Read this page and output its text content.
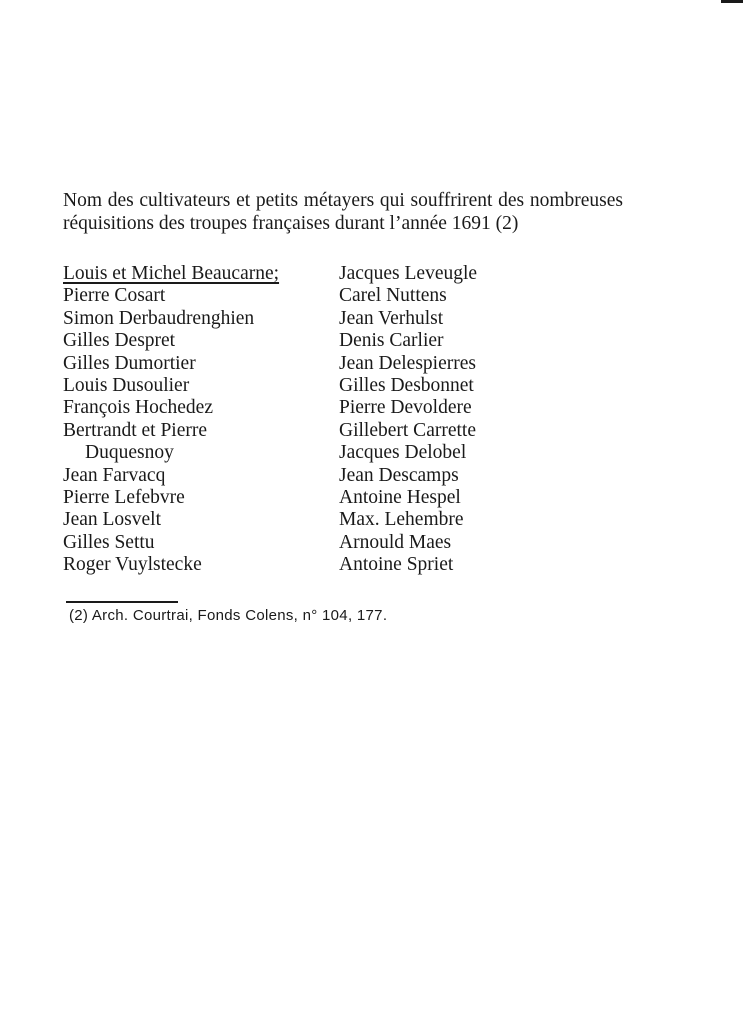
Nom des cultivateurs et petits métayers qui souffrirent des nombreuses réquisitions des troupes françaises durant l’année 1691 (2)

Louis et Michel Beaucarne;
Pierre Cosart
Simon Derbaudrenghien
Gilles Despret
Gilles Dumortier
Louis Dusoulier
François Hochedez
Bertrandt et Pierre
Duquesnoy
Jean Farvacq
Pierre Lefebvre
Jean Losvelt
Gilles Settu
Roger Vuylstecke
Jacques Leveugle
Carel Nuttens
Jean Verhulst
Denis Carlier
Jean Delespierres
Gilles Desbonnet
Pierre Devoldere
Gillebert Carrette
Jacques Delobel
Jean Descamps
Antoine Hespel
Max. Lehembre
Arnould Maes
Antoine Spriet

(2) Arch. Courtrai, Fonds Colens, n° 104, 177.
